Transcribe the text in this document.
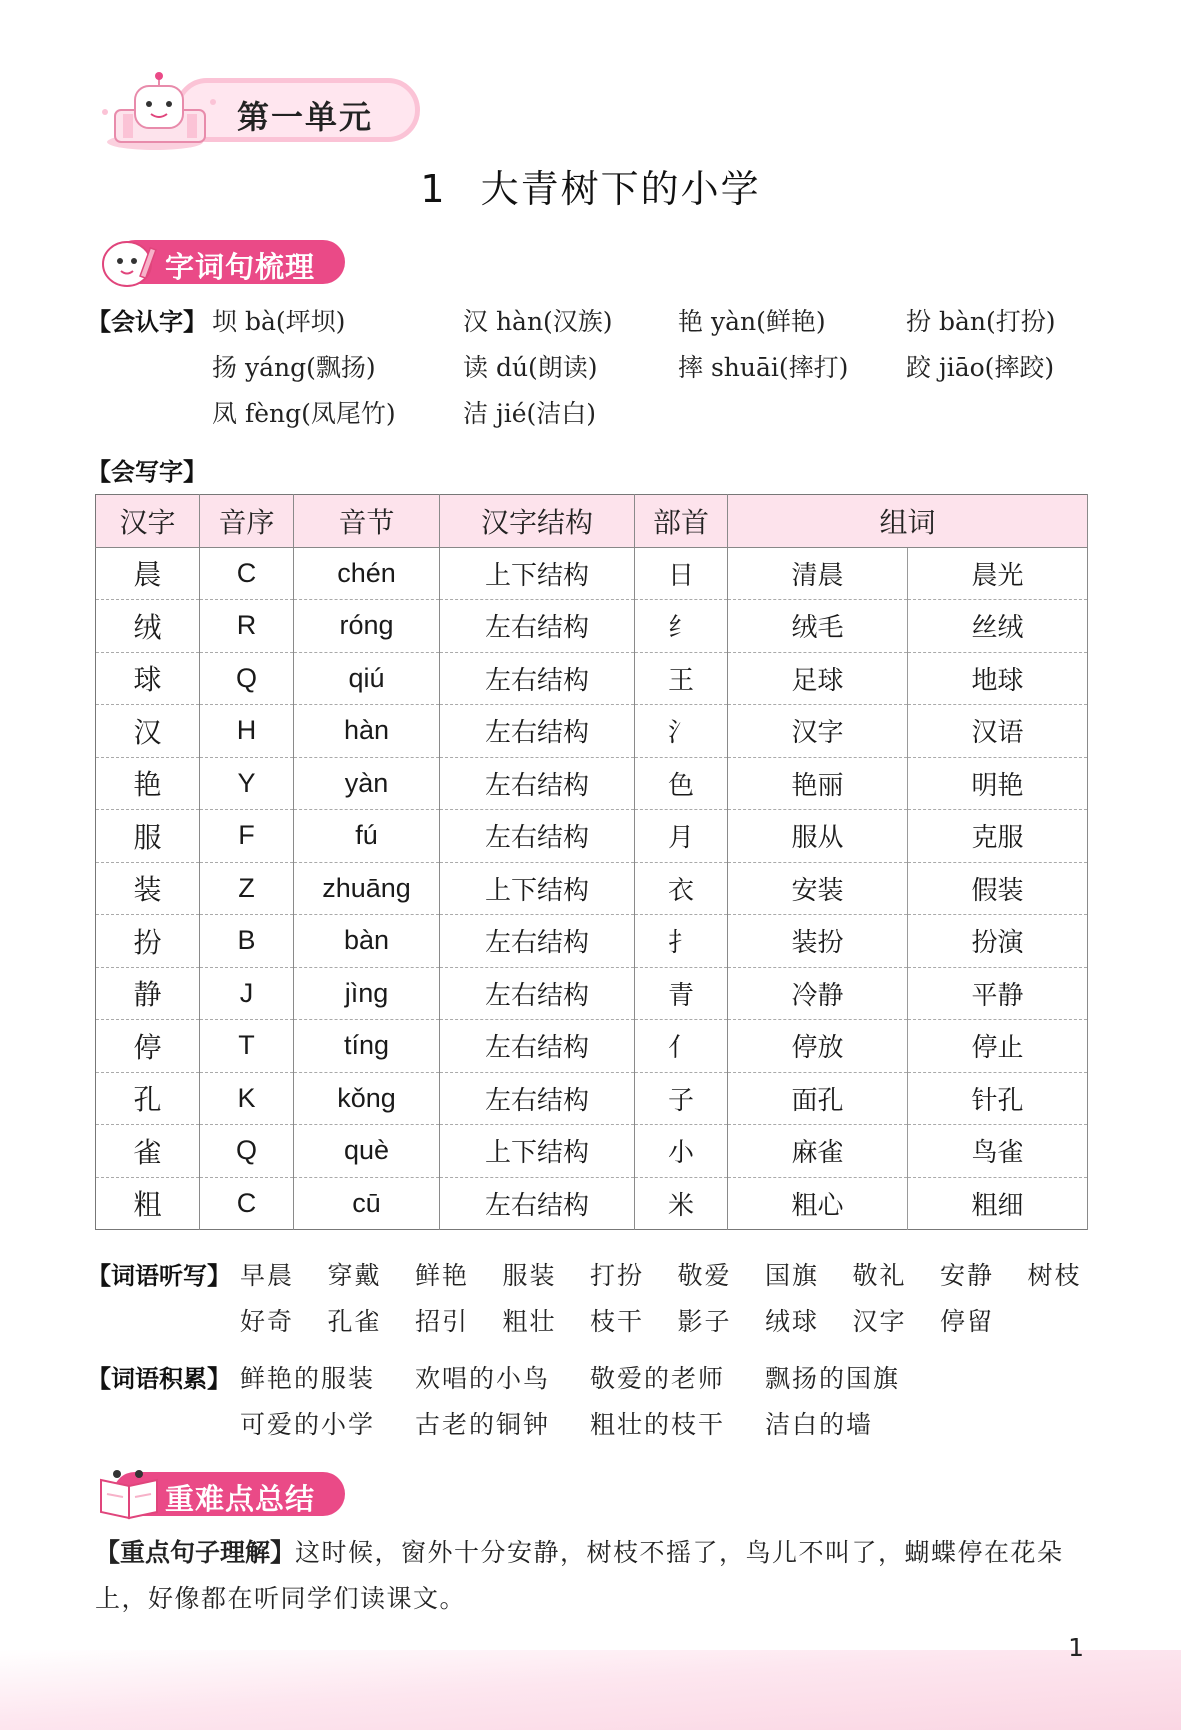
第一单元
1 大青树下的小学
字词句梳理
【会认字】 坝 bà(坪坝)	汉 hàn(汉族)	艳 yàn(鲜艳)	扮 bàn(打扮)
扬 yáng(飘扬)	读 dú(朗读)	摔 shuāi(摔打) 跤 jiāo(摔跤)
凤 fèng(凤尾竹)	洁 jié(洁白)
【会写字】
汉字	音序	音节	汉字结构	部首	组词	
晨	C	chén	上下结构	日	清晨	晨光
绒	R	róng	左右结构	纟	绒毛	丝绒
球	Q	qiú	左右结构	王	足球	地球
汉	H	hàn	左右结构	氵	汉字	汉语
艳	Y	yàn	左右结构	色	艳丽	明艳
服	F	fú	左右结构	月	服从	克服
装	Z	zhuāng	上下结构	衣	安装	假装
扮	B	bàn	左右结构	扌	装扮	扮演
静	J	jìng	左右结构	青	冷静	平静
停	T	tíng	左右结构	亻	停放	停止
孔	K	kǒng	左右结构	子	面孔	针孔
雀	Q	què	上下结构	小	麻雀	鸟雀
粗	C	cū	左右结构	米	粗心	粗细
【词语听写】 早晨 穿戴 鲜艳 服装 打扮 敬爱 国旗 敬礼 安静 树枝
好奇 孔雀 招引 粗壮 枝干 影子 绒球 汉字 停留
【词语积累】 鲜艳的服装 欢唱的小鸟 敬爱的老师 飘扬的国旗
可爱的小学 古老的铜钟 粗壮的枝干 洁白的墙
重难点总结
【重点句子理解】这时候，窗外十分安静，树枝不摇了，鸟儿不叫了，蝴蝶停在花朵上，好像都在听同学们读课文。
1
